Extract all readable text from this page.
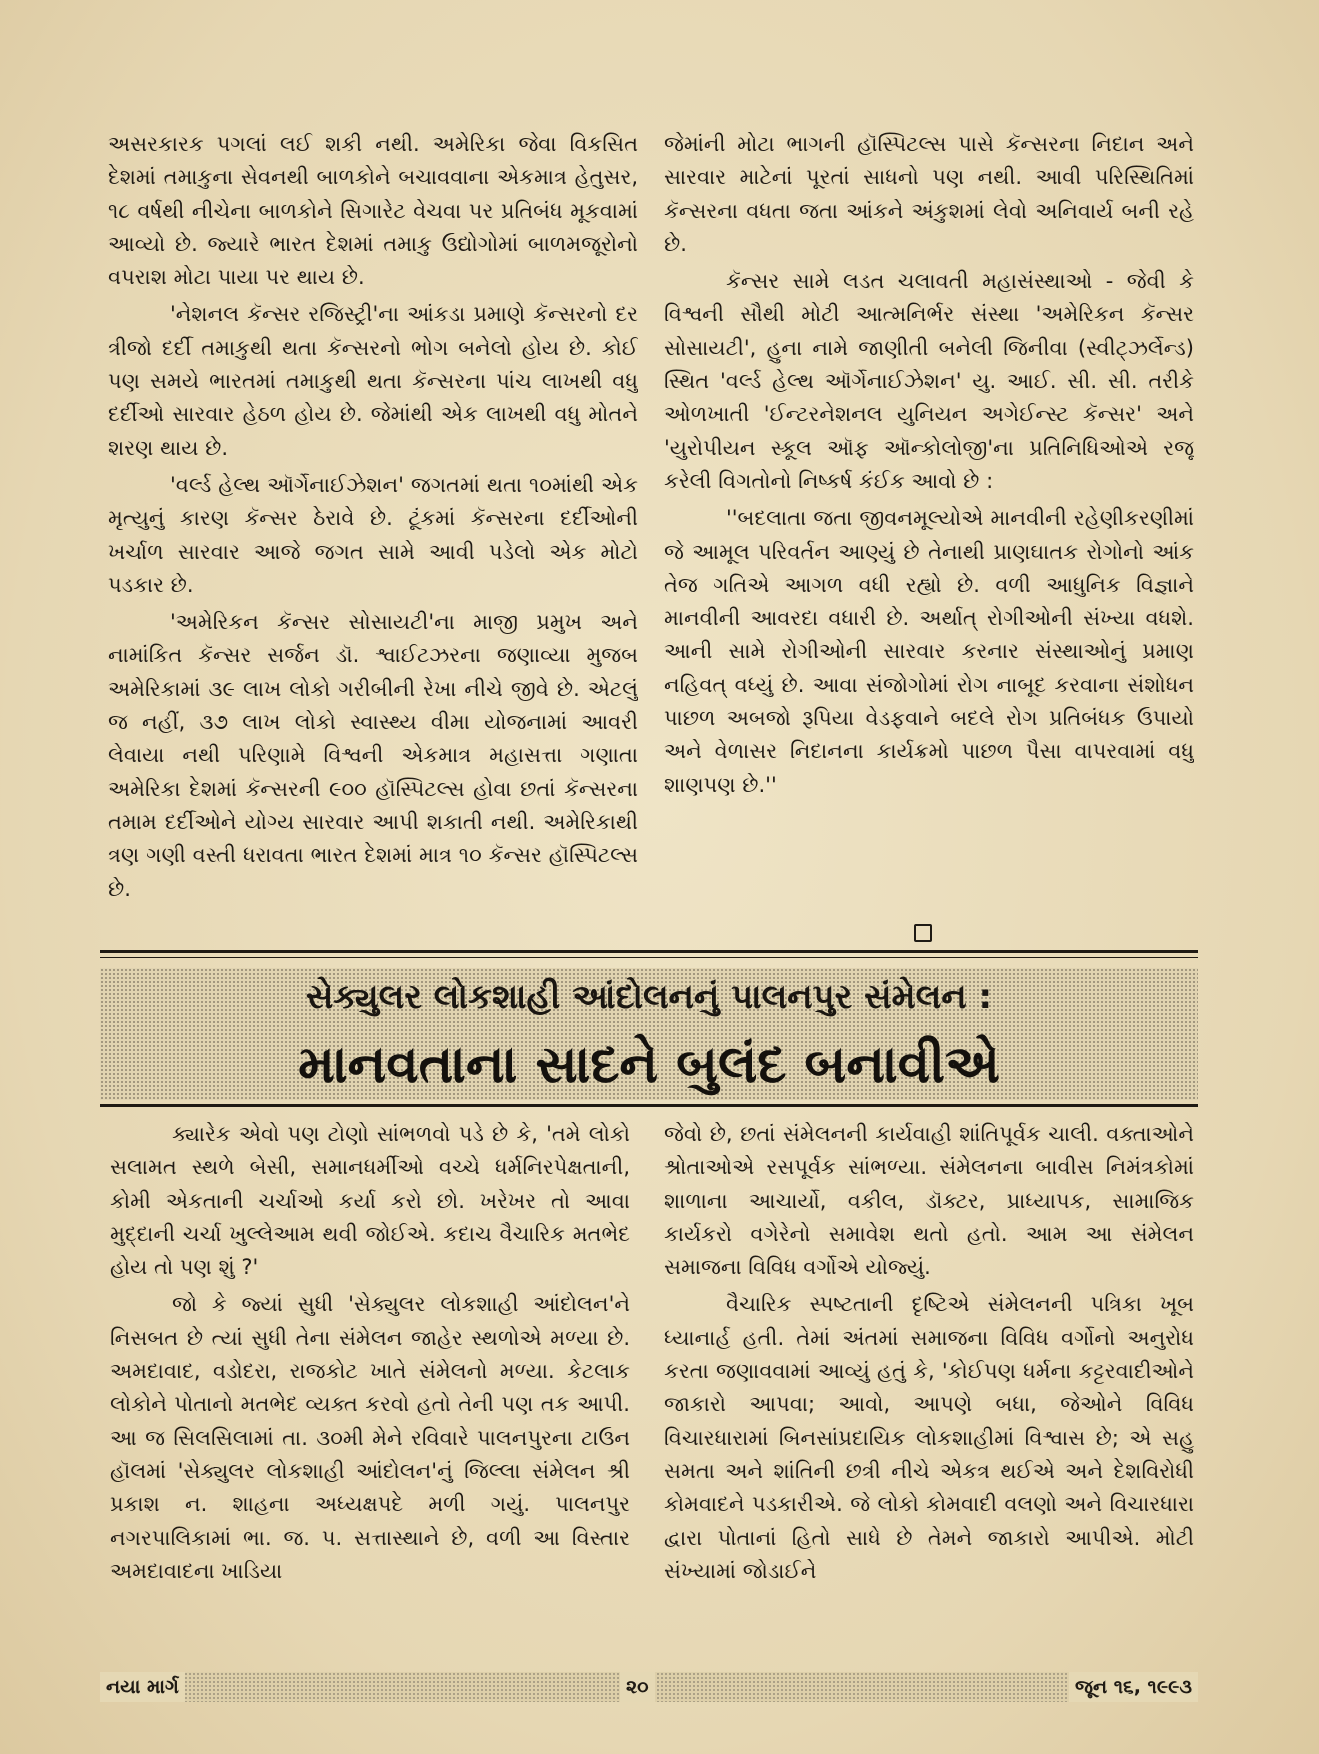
અસરકારક પગલાં લઈ શકી નથી. અમેરિકા જેવા વિકસિત દેશમાં તમાકુના સેવનથી બાળકોને બચાવવાના એકમાત્ર હેતુસર, ૧૮ વર્ષથી નીચેના બાળકોને સિગારેટ વેચવા પર પ્રતિબંધ મૂકવામાં આવ્યો છે. જ્યારે ભારત દેશમાં તમાકુ ઉદ્યોગોમાં બાળમજૂરોનો વપરાશ મોટા પાયા પર થાય છે.

'નેશનલ કૅન્સર રજિસ્ટ્રી'ના આંકડા પ્રમાણે કૅન્સરનો દર ત્રીજો દર્દી તમાકુથી થતા કૅન્સરનો ભોગ બનેલો હોય છે. કોઈ પણ સમયે ભારતમાં તમાકુથી થતા કૅન્સરના પાંચ લાખથી વધુ દર્દીઓ સારવાર હેઠળ હોય છે. જેમાંથી એક લાખથી વધુ મોતને શરણ થાય છે.

'વર્લ્ડ હેલ્થ ઑર્ગેનાઈઝેશન' જગતમાં થતા ૧૦માંથી એક મૃત્યુનું કારણ કૅન્સર ઠેરાવે છે. ટૂંકમાં કૅન્સરના દર્દીઓની ખર્ચાળ સારવાર આજે જગત સામે આવી પડેલો એક મોટો પડકાર છે.

'અમેરિકન કૅન્સર સોસાયટી'ના માજી પ્રમુખ અને નામાંકિત કૅન્સર સર્જન ડૉ. શ્વાઈટઝરના જણાવ્યા મુજબ અમેરિકામાં ૩૯ લાખ લોકો ગરીબીની રેખા નીચે જીવે છે. એટલું જ નહીં, ૩૭ લાખ લોકો સ્વાસ્થ્ય વીમા યોજનામાં આવરી લેવાયા નથી પરિણામે વિશ્વની એકમાત્ર મહાસત્તા ગણાતા અમેરિકા દેશમાં કૅન્સરની ૯૦૦ હૉસ્પિટલ્સ હોવા છતાં કૅન્સરના તમામ દર્દીઓને યોગ્ય સારવાર આપી શકાતી નથી. અમેરિકાથી ત્રણ ગણી વસ્તી ધરાવતા ભારત દેશમાં માત્ર ૧૦ કૅન્સર હૉસ્પિટલ્સ છે.

જેમાંની મોટા ભાગની હૉસ્પિટલ્સ પાસે કૅન્સરના નિદાન અને સારવાર માટેનાં પૂરતાં સાધનો પણ નથી. આવી પરિસ્થિતિમાં કૅન્સરના વધતા જતા આંકને અંકુશમાં લેવો અનિવાર્ય બની રહે છે.

કૅન્સર સામે લડત ચલાવતી મહાસંસ્થાઓ - જેવી કે વિશ્વની સૌથી મોટી આત્મનિર્ભર સંસ્થા 'અમેરિકન કૅન્સર સોસાયટી', હુના નામે જાણીતી બનેલી જિનીવા (સ્વીટ્ઝર્લેન્ડ) સ્થિત 'વર્લ્ડ હેલ્થ ઑર્ગેનાઈઝેશન' યુ. આઈ. સી. સી. તરીકે ઓળખાતી 'ઈન્ટરનેશનલ યુનિયન અગેઈન્સ્ટ કૅન્સર' અને 'યુરોપીયન સ્કૂલ ઑફ ઑન્કોલોજી'ના પ્રતિનિધિઓએ રજૂ કરેલી વિગતોનો નિષ્કર્ષ કંઈક આવો છે :

''બદલાતા જતા જીવનમૂલ્યોએ માનવીની રહેણીકરણીમાં જે આમૂલ પરિવર્તન આણ્યું છે તેનાથી પ્રાણઘાતક રોગોનો આંક તેજ ગતિએ આગળ વધી રહ્યો છે. વળી આધુનિક વિજ્ઞાને માનવીની આવરદા વધારી છે. અર્થાત્ રોગીઓની સંખ્યા વધશે. આની સામે રોગીઓની સારવાર કરનાર સંસ્થાઓનું પ્રમાણ નહિવત્ વધ્યું છે. આવા સંજોગોમાં રોગ નાબૂદ કરવાના સંશોધન પાછળ અબજો રૂપિયા વેડફવાને બદલે રોગ પ્રતિબંધક ઉપાયો અને વેળાસર નિદાનના કાર્યક્રમો પાછળ પૈસા વાપરવામાં વધુ શાણપણ છે.''

સેક્યુલર લોકશાહી આંદોલનનું પાલનપુર સંમેલન :
માનવતાના સાદને બુલંદ બનાવીએ

ક્યારેક એવો પણ ટોણો સાંભળવો પડે છે કે, 'તમે લોકો સલામત સ્થળે બેસી, સમાનધર્મીઓ વચ્ચે ધર્મનિરપેક્ષતાની, કોમી એકતાની ચર્ચાઓ કર્યા કરો છો. ખરેખર તો આવા મુદ્દાની ચર્ચા ખુલ્લેઆમ થવી જોઈએ. કદાચ વૈચારિક મતભેદ હોય તો પણ શું ?'

જો કે જ્યાં સુધી 'સેક્યુલર લોકશાહી આંદોલન'ને નિસબત છે ત્યાં સુધી તેના સંમેલન જાહેર સ્થળોએ મળ્યા છે. અમદાવાદ, વડોદરા, રાજકોટ ખાતે સંમેલનો મળ્યા. કેટલાક લોકોને પોતાનો મતભેદ વ્યક્ત કરવો હતો તેની પણ તક આપી. આ જ સિલસિલામાં તા. ૩૦મી મેને રવિવારે પાલનપુરના ટાઉન હૉલમાં 'સેક્યુલર લોકશાહી આંદોલન'નું જિલ્લા સંમેલન શ્રી પ્રકાશ ન. શાહના અધ્યક્ષપદે મળી ગયું. પાલનપુર નગરપાલિકામાં ભા. જ. પ. સત્તાસ્થાને છે, વળી આ વિસ્તાર અમદાવાદના ખાડિયા

જેવો છે, છતાં સંમેલનની કાર્યવાહી શાંતિપૂર્વક ચાલી. વક્તાઓને શ્રોતાઓએ રસપૂર્વક સાંભળ્યા. સંમેલનના બાવીસ નિમંત્રકોમાં શાળાના આચાર્યો, વકીલ, ડૉક્ટર, પ્રાધ્યાપક, સામાજિક કાર્યકરો વગેરેનો સમાવેશ થતો હતો. આમ આ સંમેલન સમાજના વિવિધ વર્ગોએ યોજ્યું.

વૈચારિક સ્પષ્ટતાની દૃષ્ટિએ સંમેલનની પત્રિકા ખૂબ ધ્યાનાર્હ હતી. તેમાં અંતમાં સમાજના વિવિધ વર્ગોનો અનુરોધ કરતા જણાવવામાં આવ્યું હતું કે, 'કોઈપણ ધર્મના કટ્ટરવાદીઓને જાકારો આપવા; આવો, આપણે બધા, જેઓને વિવિધ વિચારધારામાં બિનસાંપ્રદાયિક લોકશાહીમાં વિશ્વાસ છે; એ સહુ સમતા અને શાંતિની છત્રી નીચે એકત્ર થઈએ અને દેશવિરોધી કોમવાદને પડકારીએ. જે લોકો કોમવાદી વલણો અને વિચારધારા દ્વારા પોતાનાં હિતો સાધે છે તેમને જાકારો આપીએ. મોટી સંખ્યામાં જોડાઈને

નયા માર્ગ	૨૦	જૂન ૧૬, ૧૯૯૩
